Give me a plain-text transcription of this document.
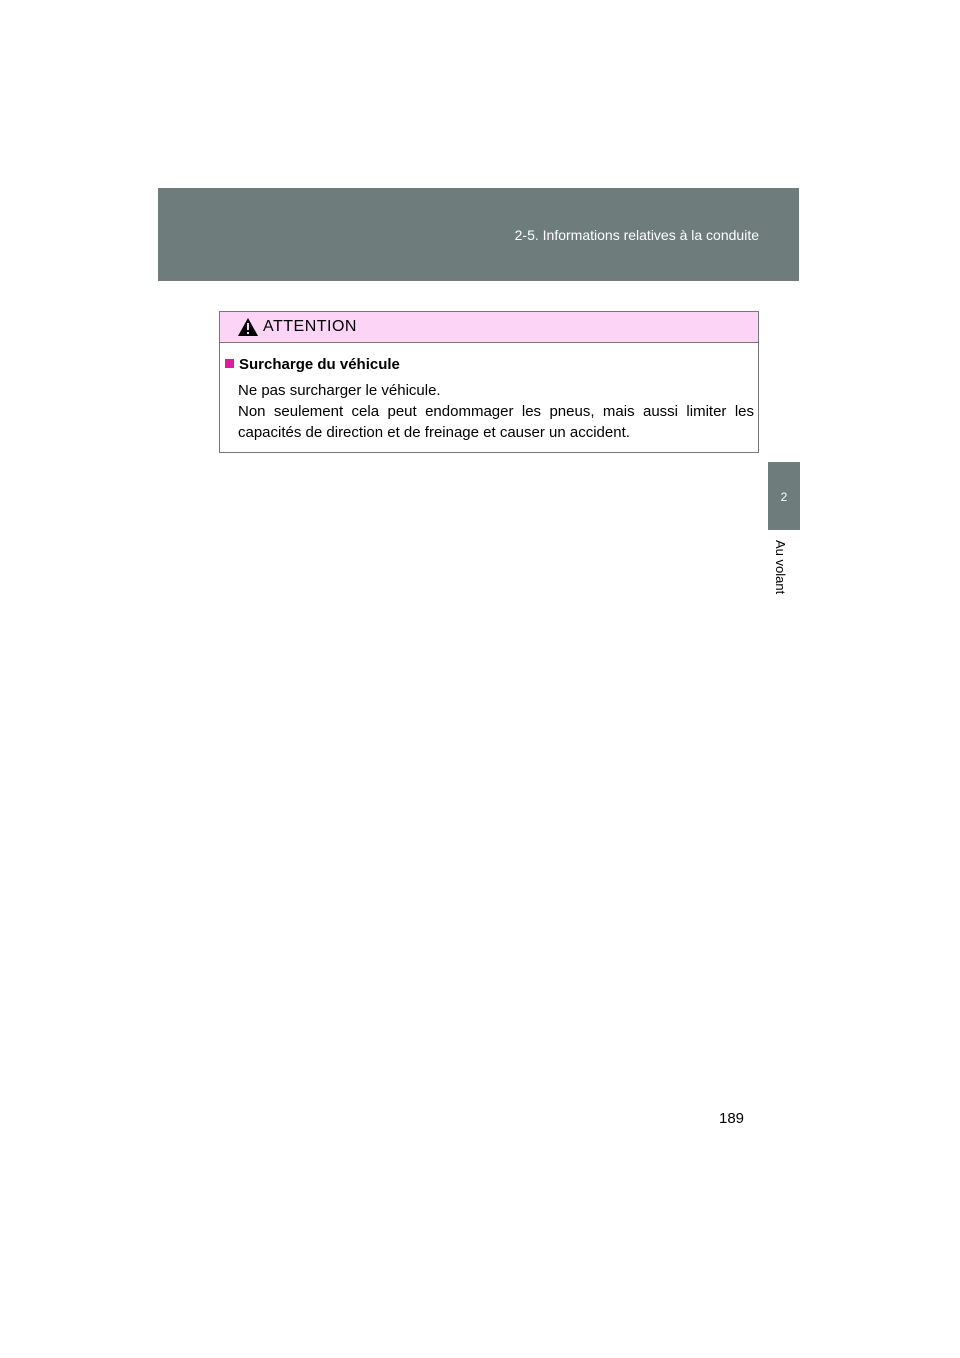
2-5. Informations relatives à la conduite
2
Au volant
ATTENTION
Surcharge du véhicule
Ne pas surcharger le véhicule.
Non seulement cela peut endommager les pneus, mais aussi limiter les
capacités de direction et de freinage et causer un accident.
189
